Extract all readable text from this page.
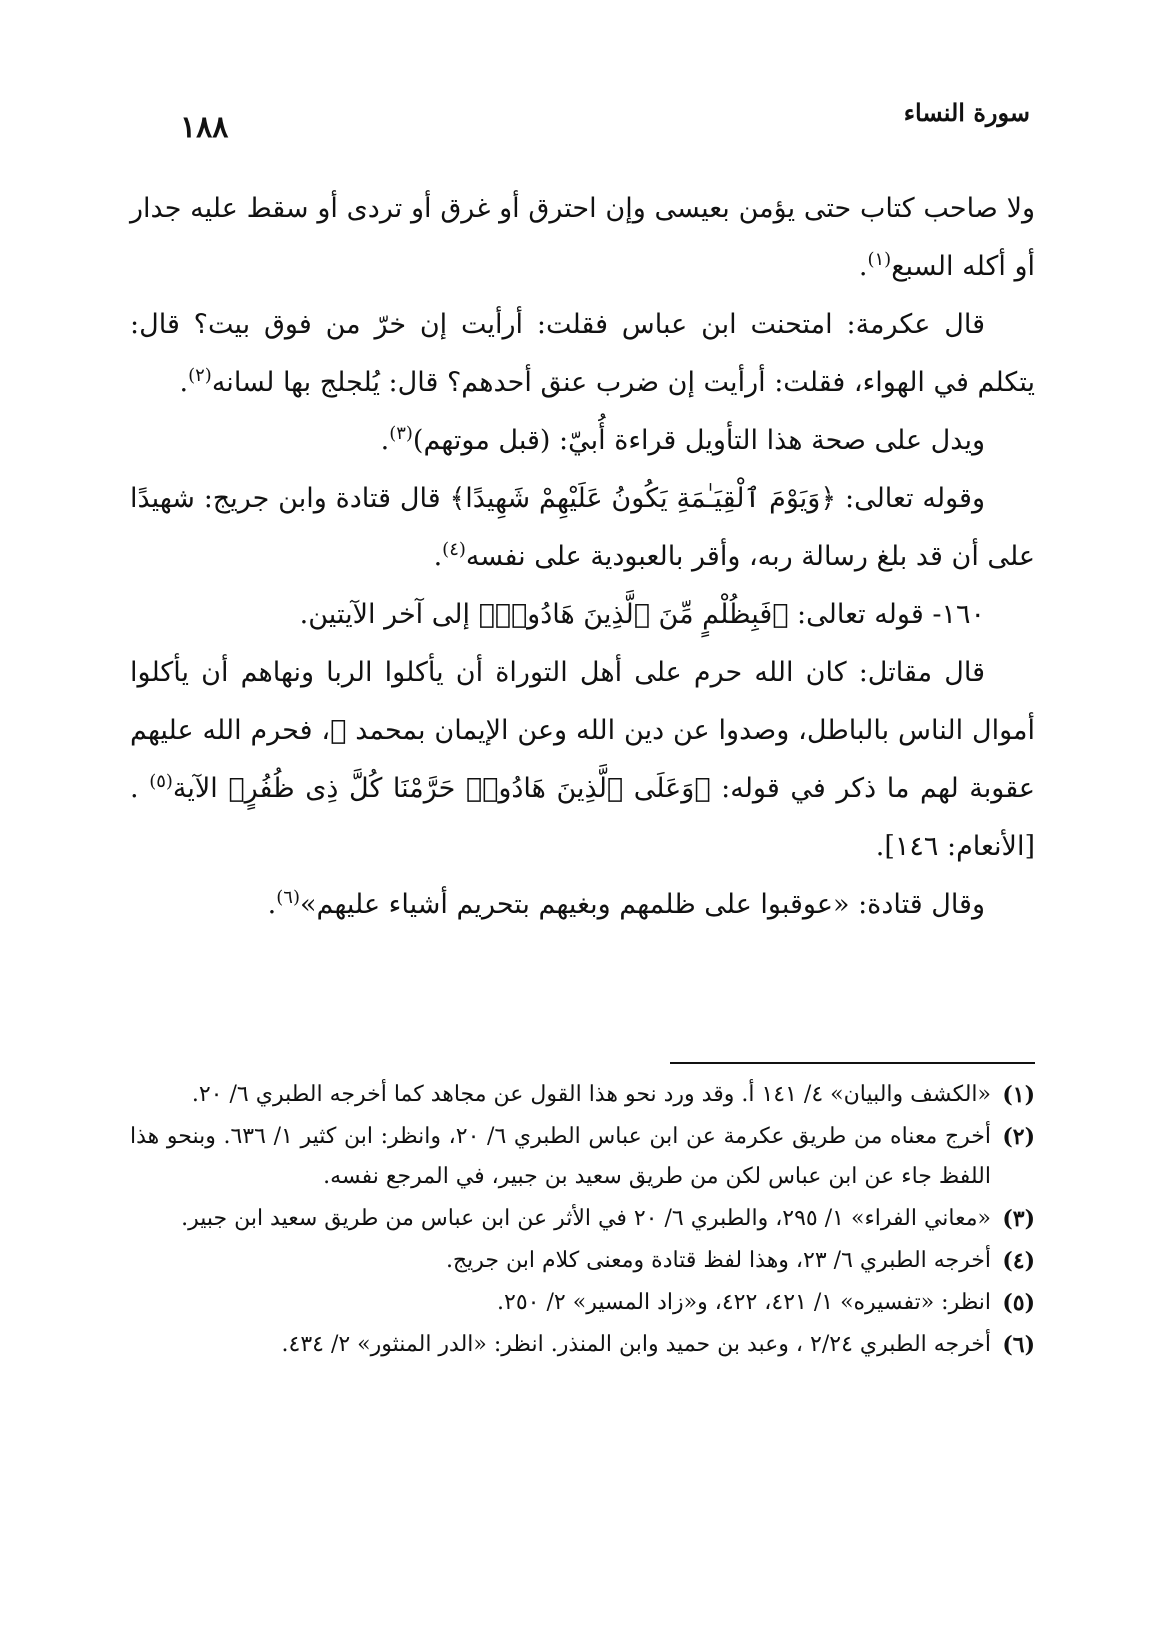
١٨٨	سورة النساء

ولا صاحب كتاب حتى يؤمن بعيسى وإن احترق أو غرق أو تردى أو سقط عليه جدار أو أكله السبع$^{(١)}$.

قال عكرمة: امتحنت ابن عباس فقلت: أرأيت إن خرّ من فوق بيت؟ قال: يتكلم في الهواء، فقلت: أرأيت إن ضرب عنق أحدهم؟ قال: يُلجلج بها لسانه$^{(٢)}$.

ويدل على صحة هذا التأويل قراءة أُبيّ: (قبل موتهم)$^{(٣)}$.

وقوله تعالى: ﴿وَيَوْمَ ٱلْقِيَـٰمَةِ يَكُونُ عَلَيْهِمْ شَهِيدًا﴾ قال قتادة وابن جريج: شهيدًا على أن قد بلغ رسالة ربه، وأقر بالعبودية على نفسه$^{(٤)}$.

١٦٠- قوله تعالى: ﴿فَبِظُلْمٍ مِّنَ ٱلَّذِينَ هَادُوا۟﴾ إلى آخر الآيتين.

قال مقاتل: كان الله حرم على أهل التوراة أن يأكلوا الربا ونهاهم أن يأكلوا أموال الناس بالباطل، وصدوا عن دين الله وعن الإيمان بمحمد ﷺ، فحرم الله عليهم عقوبة لهم ما ذكر في قوله: ﴿وَعَلَى ٱلَّذِينَ هَادُوا۟ حَرَّمْنَا كُلَّ ذِى ظُفُرٍ﴾ الآية$^{(٥)}$ .[الأنعام: ١٤٦].

وقال قتادة: «عوقبوا على ظلمهم وبغيهم بتحريم أشياء عليهم»$^{(٦)}$.

(١)
«الكشف والبيان» ٤/ ١٤١ أ. وقد ورد نحو هذا القول عن مجاهد كما أخرجه الطبري ٦/ ٢٠.
(٢)
أخرج معناه من طريق عكرمة عن ابن عباس الطبري ٦/ ٢٠، وانظر: ابن كثير ١/ ٦٣٦. وبنحو هذا اللفظ جاء عن ابن عباس لكن من طريق سعيد بن جبير، في المرجع نفسه.
(٣)
«معاني الفراء» ١/ ٢٩٥، والطبري ٦/ ٢٠ في الأثر عن ابن عباس من طريق سعيد ابن جبير.
(٤)
أخرجه الطبري ٦/ ٢٣، وهذا لفظ قتادة ومعنى كلام ابن جريج.
(٥)
انظر: «تفسيره» ١/ ٤٢١، ٤٢٢، و«زاد المسير» ٢/ ٢٥٠.
(٦)
أخرجه الطبري ٢/٢٤ ، وعبد بن حميد وابن المنذر. انظر: «الدر المنثور» ٢/ ٤٣٤.
